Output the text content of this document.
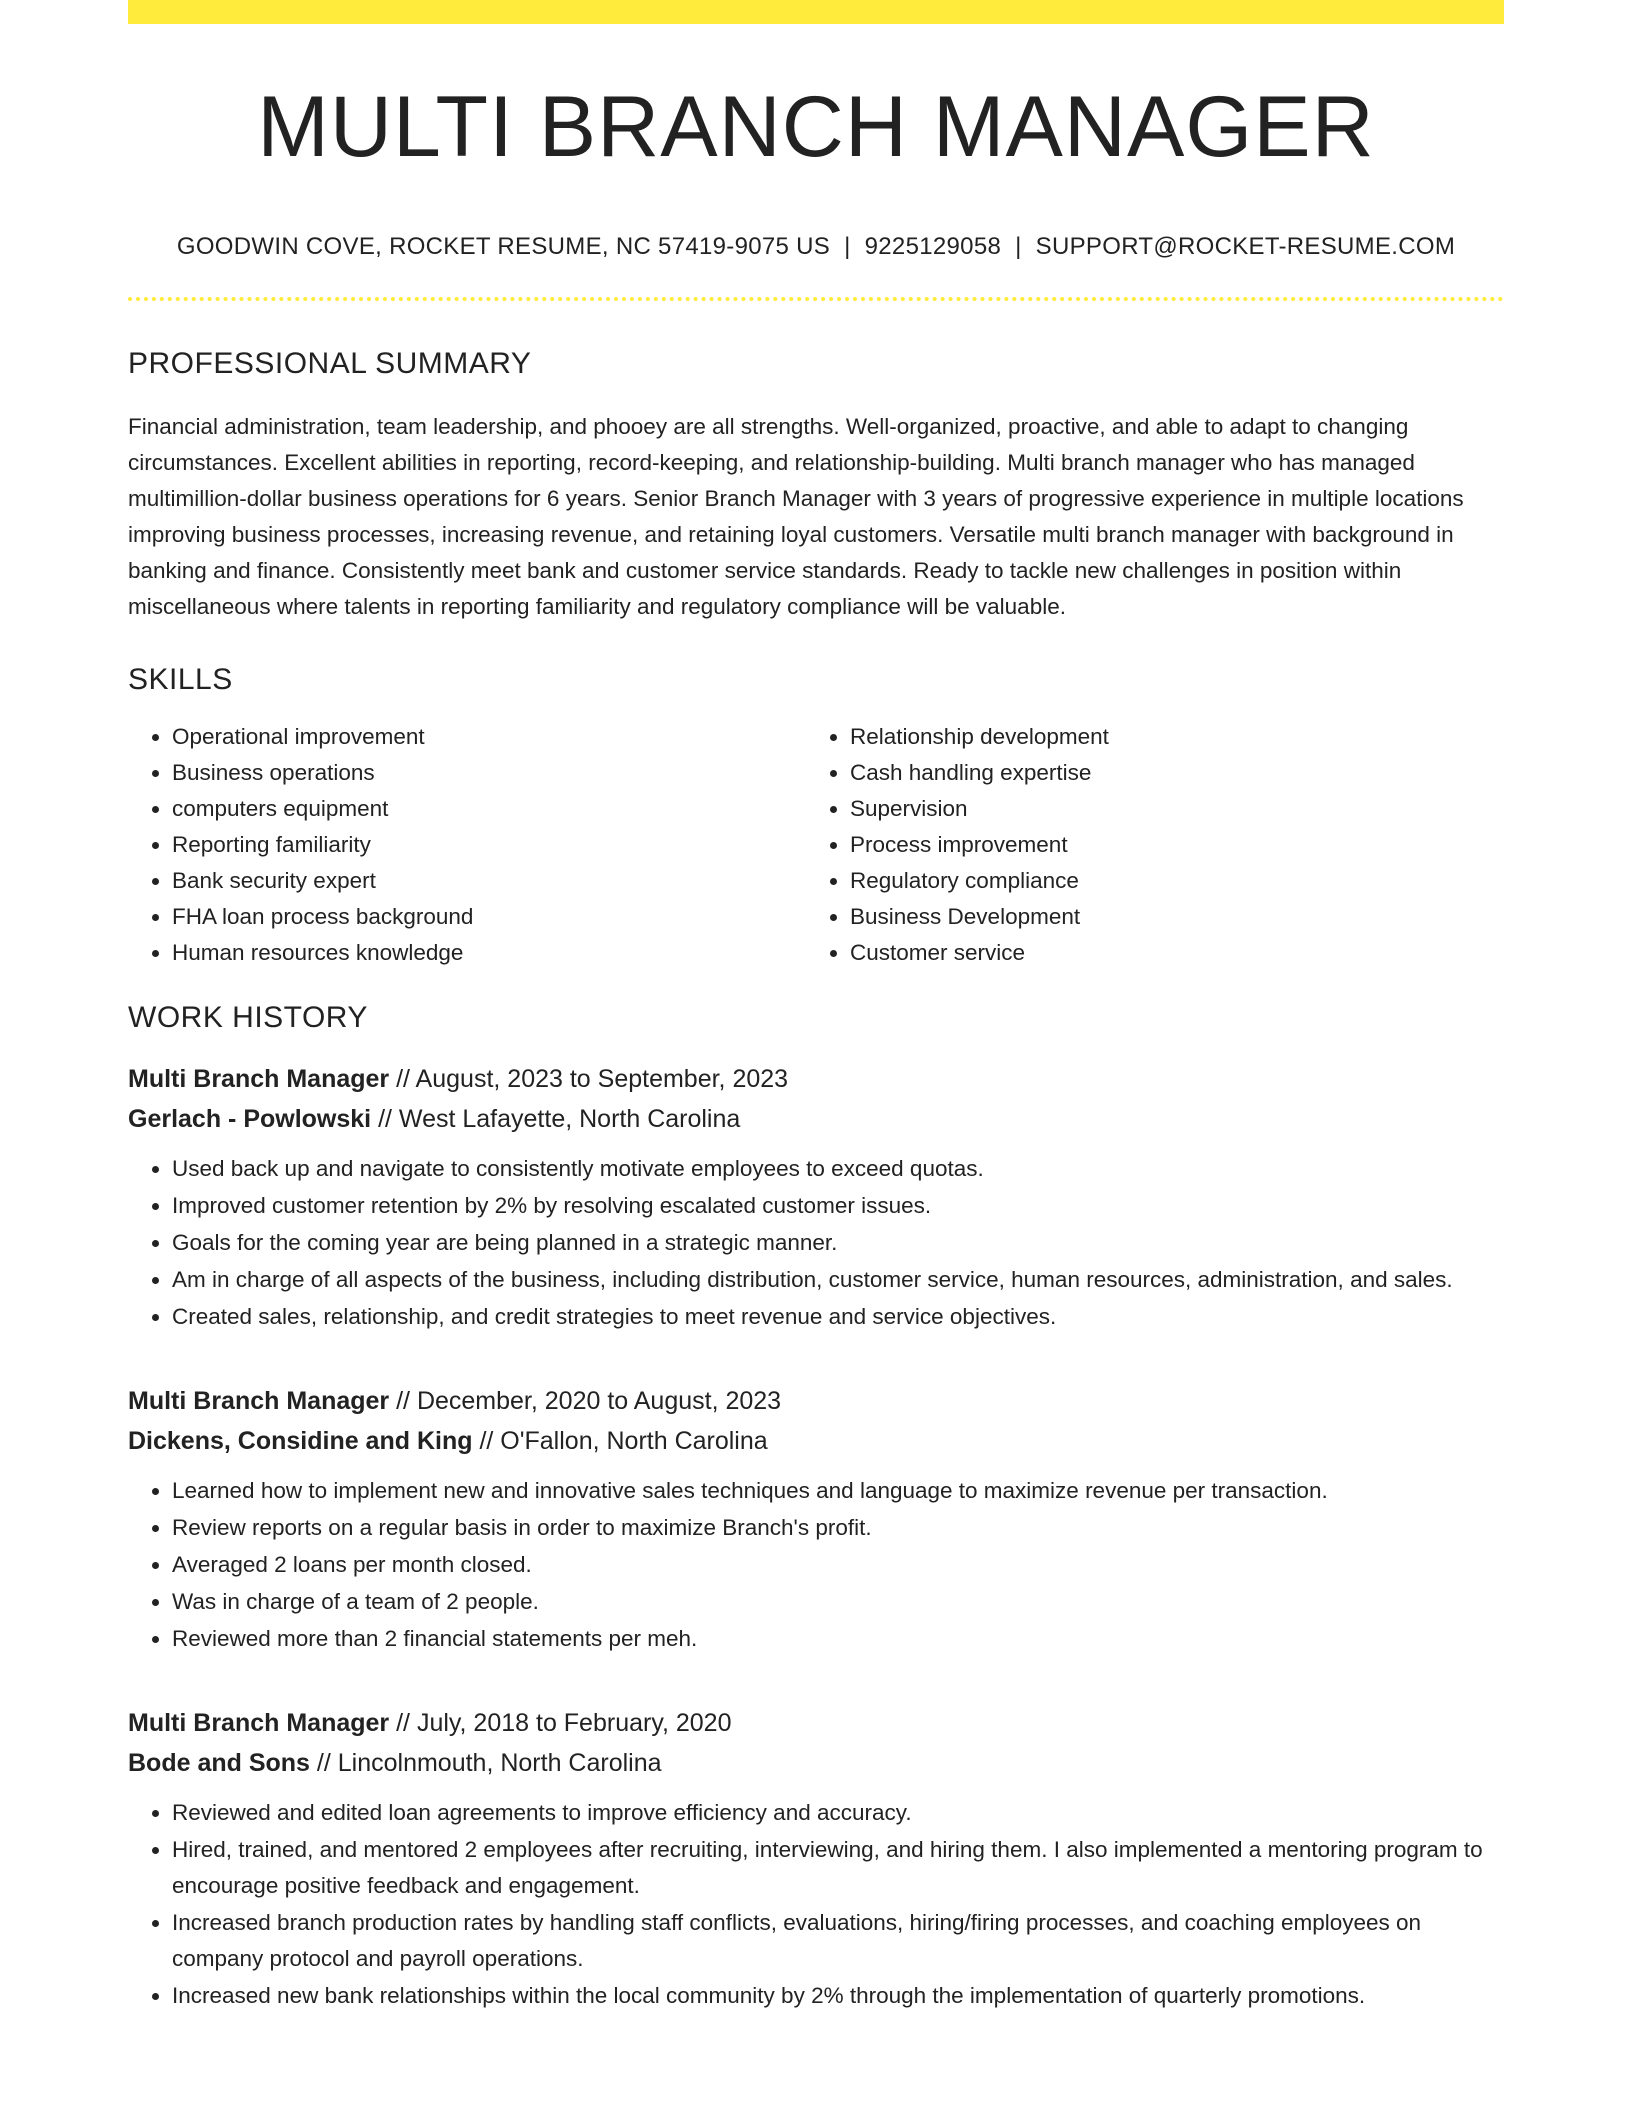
MULTI BRANCH MANAGER
GOODWIN COVE, ROCKET RESUME, NC 57419-9075 US | 9225129058 | SUPPORT@ROCKET-RESUME.COM
PROFESSIONAL SUMMARY
Financial administration, team leadership, and phooey are all strengths. Well-organized, proactive, and able to adapt to changing circumstances. Excellent abilities in reporting, record-keeping, and relationship-building. Multi branch manager who has managed multimillion-dollar business operations for 6 years. Senior Branch Manager with 3 years of progressive experience in multiple locations improving business processes, increasing revenue, and retaining loyal customers. Versatile multi branch manager with background in banking and finance. Consistently meet bank and customer service standards. Ready to tackle new challenges in position within miscellaneous where talents in reporting familiarity and regulatory compliance will be valuable.
SKILLS
• Operational improvement
• Business operations
• computers equipment
• Reporting familiarity
• Bank security expert
• FHA loan process background
• Human resources knowledge
• Relationship development
• Cash handling expertise
• Supervision
• Process improvement
• Regulatory compliance
• Business Development
• Customer service
WORK HISTORY
Multi Branch Manager // August, 2023 to September, 2023
Gerlach - Powlowski // West Lafayette, North Carolina
• Used back up and navigate to consistently motivate employees to exceed quotas.
• Improved customer retention by 2% by resolving escalated customer issues.
• Goals for the coming year are being planned in a strategic manner.
• Am in charge of all aspects of the business, including distribution, customer service, human resources, administration, and sales.
• Created sales, relationship, and credit strategies to meet revenue and service objectives.
Multi Branch Manager // December, 2020 to August, 2023
Dickens, Considine and King // O'Fallon, North Carolina
• Learned how to implement new and innovative sales techniques and language to maximize revenue per transaction.
• Review reports on a regular basis in order to maximize Branch's profit.
• Averaged 2 loans per month closed.
• Was in charge of a team of 2 people.
• Reviewed more than 2 financial statements per meh.
Multi Branch Manager // July, 2018 to February, 2020
Bode and Sons // Lincolnmouth, North Carolina
• Reviewed and edited loan agreements to improve efficiency and accuracy.
• Hired, trained, and mentored 2 employees after recruiting, interviewing, and hiring them. I also implemented a mentoring program to encourage positive feedback and engagement.
• Increased branch production rates by handling staff conflicts, evaluations, hiring/firing processes, and coaching employees on company protocol and payroll operations.
• Increased new bank relationships within the local community by 2% through the implementation of quarterly promotions.
